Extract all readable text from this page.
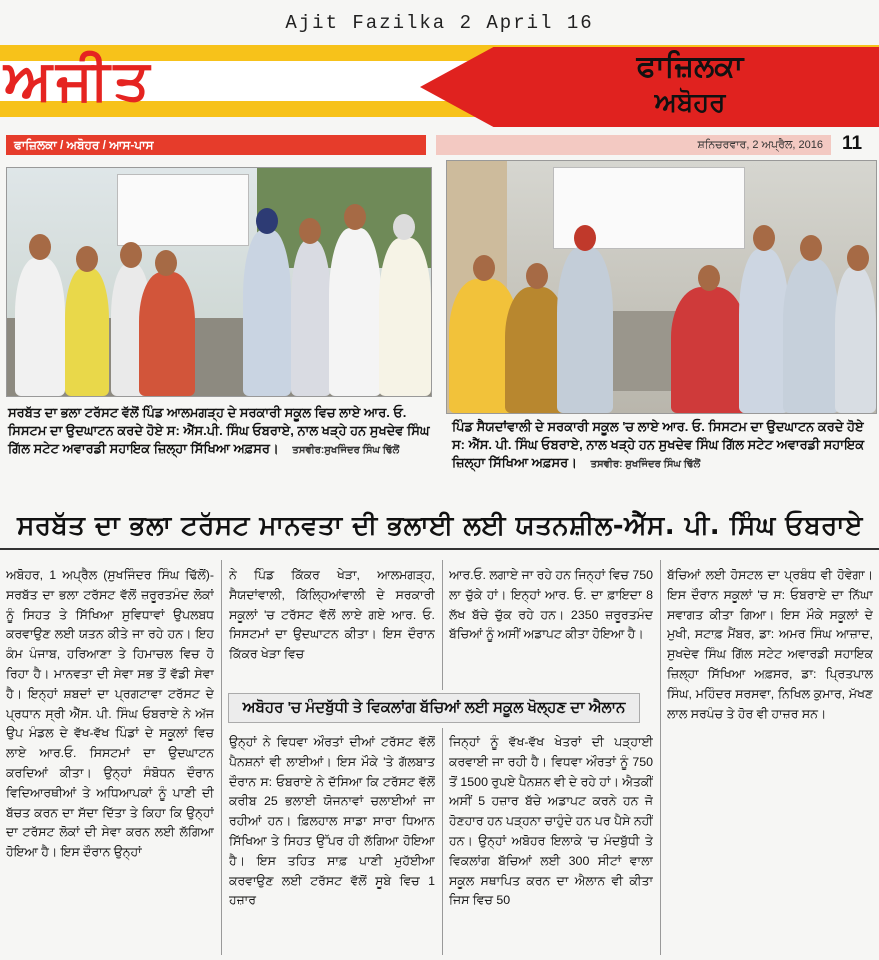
Ajit Fazilka 2 April 16
ਅਜੀਤ	ਫਾਜ਼ਿਲਕਾ
ਅਬੋਹਰ
ਫਾਜ਼ਿਲਕਾ / ਅਬੋਹਰ / ਆਸ-ਪਾਸ	ਸ਼ਨਿਚਰਵਾਰ, 2 ਅਪ੍ਰੈਲ, 2016	11
ਸਰਬੱਤ ਦਾ ਭਲਾ ਟਰੱਸਟ ਵੱਲੋਂ ਪਿੰਡ ਆਲਮਗੜ੍ਹ ਦੇ ਸਰਕਾਰੀ ਸਕੂਲ ਵਿਚ ਲਾਏ ਆਰ. ਓ. ਸਿਸਟਮ ਦਾ ਉਦਘਾਟਨ ਕਰਦੇ ਹੋਏ ਸ: ਐੱਸ.ਪੀ. ਸਿੰਘ ਓਬਰਾਏ, ਨਾਲ ਖੜ੍ਹੇ ਹਨ ਸੁਖਦੇਵ ਸਿੰਘ ਗਿੱਲ ਸਟੇਟ ਅਵਾਰਡੀ ਸਹਾਇਕ ਜ਼ਿਲ੍ਹਾ ਸਿੱਖਿਆ ਅਫ਼ਸਰ। ਤਸਵੀਰ:ਸੁਖਜਿੰਦਰ ਸਿੰਘ ਢਿੱਲੋਂ
ਪਿੰਡ ਸੈਯਦਾਂਵਾਲੀ ਦੇ ਸਰਕਾਰੀ ਸਕੂਲ 'ਚ ਲਾਏ ਆਰ. ਓ. ਸਿਸਟਮ ਦਾ ਉਦਘਾਟਨ ਕਰਦੇ ਹੋਏ ਸ: ਐੱਸ. ਪੀ. ਸਿੰਘ ਓਬਰਾਏ, ਨਾਲ ਖੜ੍ਹੇ ਹਨ ਸੁਖਦੇਵ ਸਿੰਘ ਗਿੱਲ ਸਟੇਟ ਅਵਾਰਡੀ ਸਹਾਇਕ ਜ਼ਿਲ੍ਹਾ ਸਿੱਖਿਆ ਅਫ਼ਸਰ। ਤਸਵੀਰ: ਸੁਖਜਿੰਦਰ ਸਿੰਘ ਢਿੱਲੋਂ
ਸਰਬੱਤ ਦਾ ਭਲਾ ਟਰੱਸਟ ਮਾਨਵਤਾ ਦੀ ਭਲਾਈ ਲਈ ਯਤਨਸ਼ੀਲ-ਐੱਸ. ਪੀ. ਸਿੰਘ ਓਬਰਾਏ
ਅਬੋਹਰ, 1 ਅਪ੍ਰੈਲ (ਸੁਖਜਿੰਦਰ ਸਿੰਘ ਢਿੱਲੋਂ)-ਸਰਬੱਤ ਦਾ ਭਲਾ ਟਰੱਸਟ ਵੱਲੋਂ ਜ਼ਰੂਰਤਮੰਦ ਲੋਕਾਂ ਨੂੰ ਸਿਹਤ ਤੇ ਸਿੱਖਿਆ ਸੁਵਿਧਾਵਾਂ ਉਪਲਬਧ ਕਰਵਾਉਣ ਲਈ ਯਤਨ ਕੀਤੇ ਜਾ ਰਹੇ ਹਨ। ਇਹ ਕੰਮ ਪੰਜਾਬ, ਹਰਿਆਣਾ ਤੇ ਹਿਮਾਚਲ ਵਿਚ ਹੋ ਰਿਹਾ ਹੈ। ਮਾਨਵਤਾ ਦੀ ਸੇਵਾ ਸਭ ਤੋਂ ਵੱਡੀ ਸੇਵਾ ਹੈ। ਇਨ੍ਹਾਂ ਸ਼ਬਦਾਂ ਦਾ ਪ੍ਰਗਟਾਵਾ ਟਰੱਸਟ ਦੇ ਪ੍ਰਧਾਨ ਸ੍ਰੀ ਐੱਸ. ਪੀ. ਸਿੰਘ ਓਬਰਾਏ ਨੇ ਅੱਜ ਉਪ ਮੰਡਲ ਦੇ ਵੱਖ-ਵੱਖ ਪਿੰਡਾਂ ਦੇ ਸਕੂਲਾਂ ਵਿਚ ਲਾਏ ਆਰ.ਓ. ਸਿਸਟਮਾਂ ਦਾ ਉਦਘਾਟਨ ਕਰਦਿਆਂ ਕੀਤਾ। ਉਨ੍ਹਾਂ ਸੰਬੋਧਨ ਦੌਰਾਨ ਵਿਦਿਆਰਥੀਆਂ ਤੇ ਅਧਿਆਪਕਾਂ ਨੂੰ ਪਾਣੀ ਦੀ ਬੱਚਤ ਕਰਨ ਦਾ ਸੱਦਾ ਦਿੱਤਾ ਤੇ ਕਿਹਾ ਕਿ ਉਨ੍ਹਾਂ ਦਾ ਟਰੱਸਟ ਲੋਕਾਂ ਦੀ ਸੇਵਾ ਕਰਨ ਲਈ ਲੱਗਿਆ ਹੋਇਆ ਹੈ। ਇਸ ਦੌਰਾਨ ਉਨ੍ਹਾਂ
ਨੇ ਪਿੰਡ ਕਿੱਕਰ ਖੇੜਾ, ਆਲਮਗੜ੍ਹ, ਸੈਯਦਾਂਵਾਲੀ, ਕਿੱਲ੍ਹਿਆਂਵਾਲੀ ਦੇ ਸਰਕਾਰੀ ਸਕੂਲਾਂ 'ਚ ਟਰੱਸਟ ਵੱਲੋਂ ਲਾਏ ਗਏ ਆਰ. ਓ. ਸਿਸਟਮਾਂ ਦਾ ਉਦਘਾਟਨ ਕੀਤਾ। ਇਸ ਦੌਰਾਨ ਕਿੱਕਰ ਖੇੜਾ ਵਿਚ
ਆਰ.ਓ. ਲਗਾਏ ਜਾ ਰਹੇ ਹਨ ਜਿਨ੍ਹਾਂ ਵਿਚ 750 ਲਾ ਚੁੱਕੇ ਹਾਂ। ਇਨ੍ਹਾਂ ਆਰ. ਓ. ਦਾ ਫ਼ਾਇਦਾ 8 ਲੱਖ ਬੱਚੇ ਚੁੱਕ ਰਹੇ ਹਨ। 2350 ਜ਼ਰੂਰਤਮੰਦ ਬੱਚਿਆਂ ਨੂੰ ਅਸੀਂ ਅਡਾਪਟ ਕੀਤਾ ਹੋਇਆ ਹੈ।
ਅਬੋਹਰ 'ਚ ਮੰਦਬੁੱਧੀ ਤੇ ਵਿਕਲਾਂਗ ਬੱਚਿਆਂ ਲਈ ਸਕੂਲ ਖੋਲ੍ਹਣ ਦਾ ਐਲਾਨ
ਉਨ੍ਹਾਂ ਨੇ ਵਿਧਵਾ ਔਰਤਾਂ ਦੀਆਂ ਟਰੱਸਟ ਵੱਲੋਂ ਪੈਨਸ਼ਨਾਂ ਵੀ ਲਾਈਆਂ। ਇਸ ਮੌਕੇ 'ਤੇ ਗੱਲਬਾਤ ਦੌਰਾਨ ਸ: ਓਬਰਾਏ ਨੇ ਦੱਸਿਆ ਕਿ ਟਰੱਸਟ ਵੱਲੋਂ ਕਰੀਬ 25 ਭਲਾਈ ਯੋਜਨਾਵਾਂ ਚਲਾਈਆਂ ਜਾ ਰਹੀਆਂ ਹਨ। ਫ਼ਿਲਹਾਲ ਸਾਡਾ ਸਾਰਾ ਧਿਆਨ ਸਿੱਖਿਆ ਤੇ ਸਿਹਤ ਉੱਪਰ ਹੀ ਲੱਗਿਆ ਹੋਇਆ ਹੈ। ਇਸ ਤਹਿਤ ਸਾਫ਼ ਪਾਣੀ ਮੁਹੱਈਆ ਕਰਵਾਉਣ ਲਈ ਟਰੱਸਟ ਵੱਲੋਂ ਸੂਬੇ ਵਿਚ 1 ਹਜ਼ਾਰ
ਜਿਨ੍ਹਾਂ ਨੂੰ ਵੱਖ-ਵੱਖ ਖੇਤਰਾਂ ਦੀ ਪੜ੍ਹਾਈ ਕਰਵਾਈ ਜਾ ਰਹੀ ਹੈ। ਵਿਧਵਾ ਔਰਤਾਂ ਨੂੰ 750 ਤੋਂ 1500 ਰੁਪਏ ਪੈਨਸ਼ਨ ਵੀ ਦੇ ਰਹੇ ਹਾਂ। ਐਤਕੀਂ ਅਸੀਂ 5 ਹਜ਼ਾਰ ਬੱਚੇ ਅਡਾਪਟ ਕਰਨੇ ਹਨ ਜੋ ਹੋਣਹਾਰ ਹਨ ਪੜ੍ਹਨਾ ਚਾਹੁੰਦੇ ਹਨ ਪਰ ਪੈਸੇ ਨਹੀਂ ਹਨ। ਉਨ੍ਹਾਂ ਅਬੋਹਰ ਇਲਾਕੇ 'ਚ ਮੰਦਬੁੱਧੀ ਤੇ ਵਿਕਲਾਂਗ ਬੱਚਿਆਂ ਲਈ 300 ਸੀਟਾਂ ਵਾਲਾ ਸਕੂਲ ਸਥਾਪਿਤ ਕਰਨ ਦਾ ਐਲਾਨ ਵੀ ਕੀਤਾ ਜਿਸ ਵਿਚ 50
ਬੱਚਿਆਂ ਲਈ ਹੋਸਟਲ ਦਾ ਪ੍ਰਬੰਧ ਵੀ ਹੋਵੇਗਾ। ਇਸ ਦੌਰਾਨ ਸਕੂਲਾਂ 'ਚ ਸ: ਓਬਰਾਏ ਦਾ ਨਿੱਘਾ ਸਵਾਗਤ ਕੀਤਾ ਗਿਆ। ਇਸ ਮੌਕੇ ਸਕੂਲਾਂ ਦੇ ਮੁਖੀ, ਸਟਾਫ਼ ਮੈਂਬਰ, ਡਾ: ਅਮਰ ਸਿੰਘ ਆਜ਼ਾਦ, ਸੁਖਦੇਵ ਸਿੰਘ ਗਿੱਲ ਸਟੇਟ ਅਵਾਰਡੀ ਸਹਾਇਕ ਜ਼ਿਲ੍ਹਾ ਸਿੱਖਿਆ ਅਫ਼ਸਰ, ਡਾ: ਪ੍ਰਿਤਪਾਲ ਸਿੰਘ, ਮਹਿੰਦਰ ਸਰਸਵਾ, ਨਿਖਿਲ ਕੁਮਾਰ, ਮੱਖਣ ਲਾਲ ਸਰਪੰਚ ਤੇ ਹੋਰ ਵੀ ਹਾਜ਼ਰ ਸਨ।
